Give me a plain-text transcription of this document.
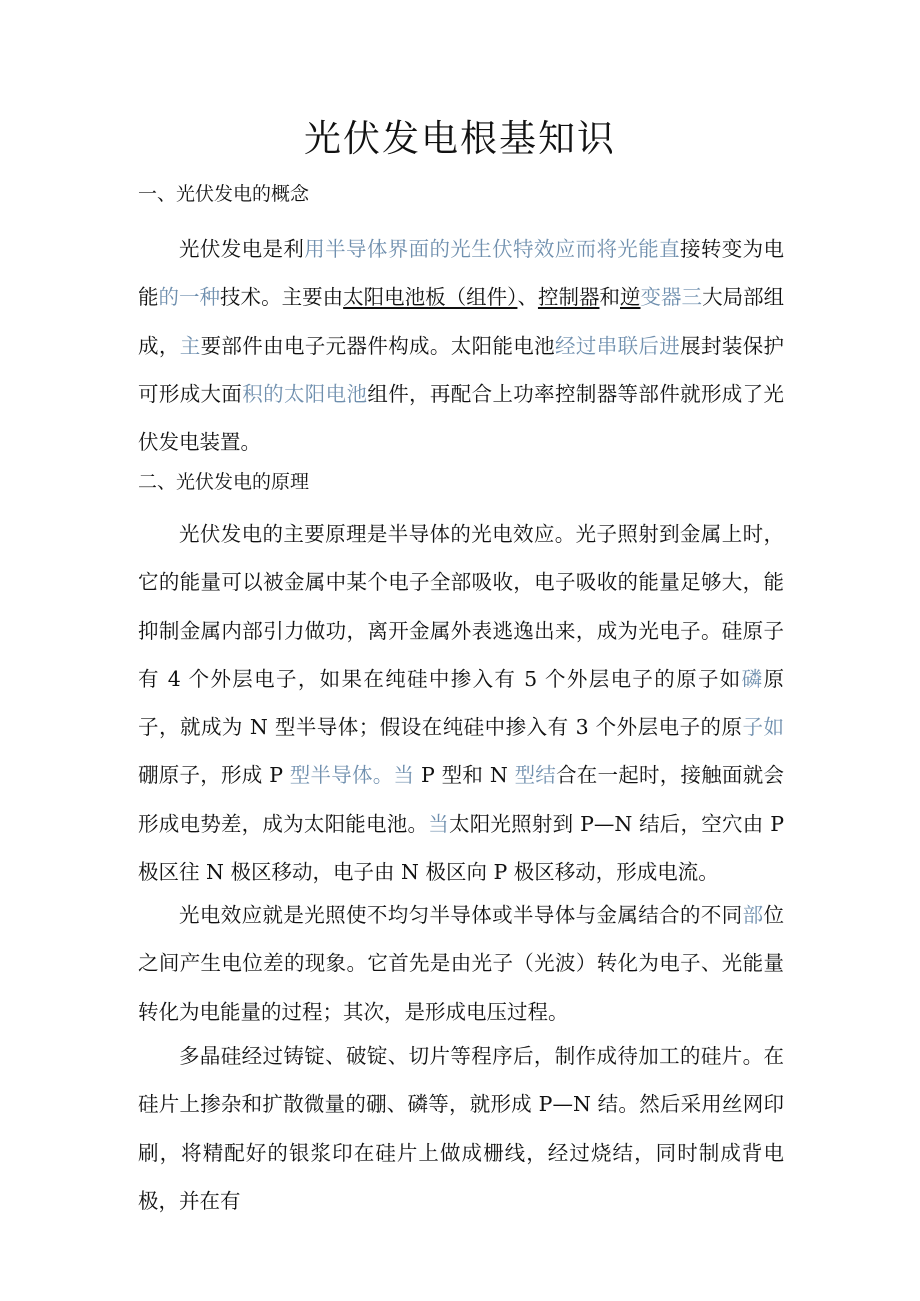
光伏发电根基知识
一、光伏发电的概念

光伏发电是利用半导体界面的光生伏特效应而将光能直接转变为电能的一种技术。主要由太阳电池板（组件）、控制器和逆变器三大局部组成，主要部件由电子元器件构成。太阳能电池经过串联后进展封装保护可形成大面积的太阳电池组件，再配合上功率控制器等部件就形成了光伏发电装置。

二、光伏发电的原理

光伏发电的主要原理是半导体的光电效应。光子照射到金属上时，它的能量可以被金属中某个电子全部吸收，电子吸收的能量足够大，能抑制金属内部引力做功，离开金属外表逃逸出来，成为光电子。硅原子有 4 个外层电子，如果在纯硅中掺入有 5 个外层电子的原子如磷原子，就成为 N 型半导体；假设在纯硅中掺入有 3 个外层电子的原子如硼原子，形成 P 型半导体。当 P 型和 N 型结合在一起时，接触面就会形成电势差，成为太阳能电池。当太阳光照射到 P—N 结后，空穴由 P 极区往 N 极区移动，电子由 N 极区向 P 极区移动，形成电流。

光电效应就是光照使不均匀半导体或半导体与金属结合的不同部位之间产生电位差的现象。它首先是由光子（光波）转化为电子、光能量转化为电能量的过程；其次，是形成电压过程。

多晶硅经过铸锭、破锭、切片等程序后，制作成待加工的硅片。在硅片上掺杂和扩散微量的硼、磷等，就形成 P—N 结。然后采用丝网印刷，将精配好的银浆印在硅片上做成栅线，经过烧结，同时制成背电极，并在有
